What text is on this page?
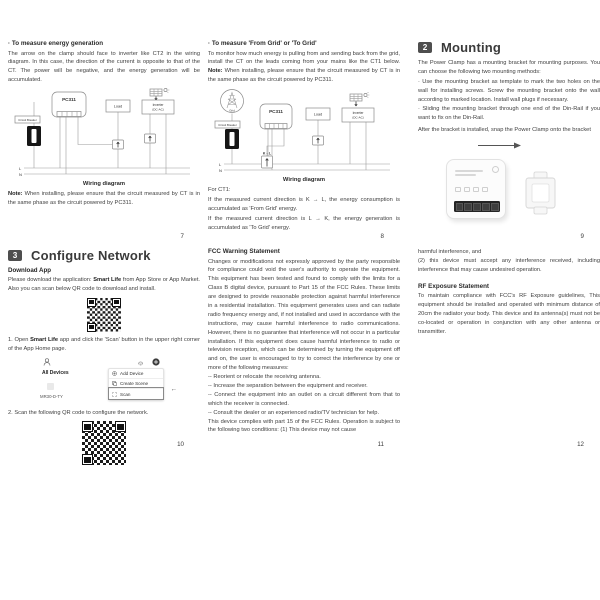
· To measure energy generation

The arrow on the clamp should face to inverter like CT2 in the wiring diagram. In this case, the direction of the current is opposite to that of the CT. The power will be negative, and the energy generation will be accumulated.

PC311
Circuit Breaker
Load	Inverter
(DC-AC)
L
N
Wiring diagram

Note: When installing, please ensure that the circuit measured by CT is in the same phase as the circuit powered by PC311.

7
· To measure 'From Grid' or 'To Grid'

To monitor how much energy is pulling from and sending back from the grid, install the CT on the leads coming from your mains like the CT1 below. Note: When installing, please ensure that the circuit measured by CT is in the same phase as the circuit powered by PC311.

Grid
Circuit Breaker
PC311
K→L
Load	Inverter
(DC-AC)
L
N
Wiring diagram

For CT1:

If the measured current direction is K → L, the energy consumption is accumulated as 'From Grid' energy.

If the measured current direction is L → K, the energy generation is accumulated as 'To Grid' energy.

8
2	Mounting

The Power Clamp has a mounting bracket for mounting purposes. You can choose the following two mounting methods:

· Use the mounting bracket as template to mark the two holes on the wall for installing screws. Screw the mounting bracket onto the wall according to marked location. Install wall plugs if necessary.

· Sliding the mounting bracket through one end of the Din-Rail if you want to fix on the Din-Rail.

After the bracket is installed, snap the Power Clamp onto the bracket

9
3	Configure Network
Download App

Please download the application: Smart Life from App Store or App Market. Also you can scan below QR code to download and install.

1. Open Smart Life app and click the 'Scan' button in the upper right corner of the App Home page.

All Devices
MR30-D-TY
Add Device
Create Scene
Scan
←

2. Scan the following QR code to configure the network.

10
FCC Warning Statement

Changes or modifications not expressly approved by the party responsible for compliance could void the user's authority to operate the equipment. This equipment has been tested and found to comply with the limits for a Class B digital device, pursuant to Part 15 of the FCC Rules. These limits are designed to provide reasonable protection against harmful interference in a residential installation. This equipment generates uses and can radiate radio frequency energy and, if not installed and used in accordance with the instructions, may cause harmful interference to radio communications. However, there is no guarantee that interference will not occur in a particular installation. If this equipment does cause harmful interference to radio or television reception, which can be determined by turning the equipment off and on, the user is encouraged to try to correct the interference by one or more of the following measures:

-- Reorient or relocate the receiving antenna.

-- Increase the separation between the equipment and receiver.

-- Connect the equipment into an outlet on a circuit different from that to which the receiver is connected.

-- Consult the dealer or an experienced radio/TV technician for help.

This device complies with part 15 of the FCC Rules. Operation is subject to the following two conditions: (1) This device may not cause

11

harmful interference, and

(2) this device must accept any interference received, including interference that may cause undesired operation.

RF Exposure Statement

To maintain compliance with FCC's RF Exposure guidelines, This equipment should be installed and operated with minimum distance of 20cm the radiator your body. This device and its antenna(s) must not be co-located or operation in conjunction with any other antenna or transmitter.

12
